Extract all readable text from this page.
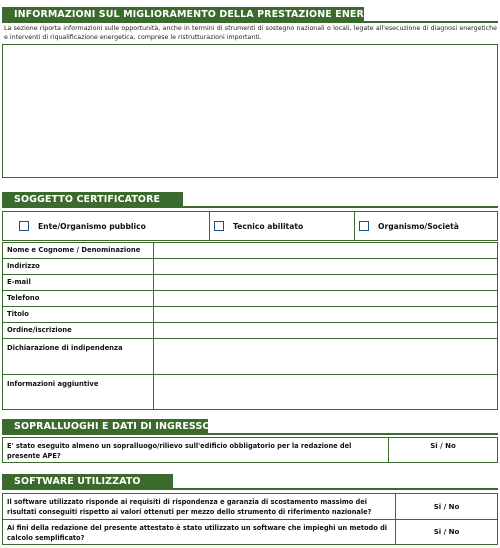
INFORMAZIONI SUL MIGLIORAMENTO DELLA PRESTAZIONE ENERGETICA
La sezione riporta informazioni sulle opportunità, anche in termini di strumenti di sostegno nazionali o locali, legate all'esecuzione di diagnosi energetiche e interventi di riqualificazione energetica, comprese le ristrutturazioni importanti.
SOGGETTO CERTIFICATORE
Ente/Organismo pubblico	Tecnico abilitato	Organismo/Società
Nome e Cognome / Denominazione
Indirizzo
E-mail
Telefono
Titolo
Ordine/iscrizione
Dichiarazione di indipendenza
Informazioni aggiuntive
SOPRALLUOGHI E DATI DI INGRESSO
E' stato eseguito almeno un sopralluogo/rilievo sull'edificio obbligatorio per la redazione del presente APE?
Si / No
SOFTWARE UTILIZZATO
Il software utilizzato risponde ai requisiti di rispondenza e garanzia di scostamento massimo dei risultati conseguiti rispetto ai valori ottenuti per mezzo dello strumento di riferimento nazionale?
Si / No
Ai fini della redazione del presente attestato è stato utilizzato un software che impieghi un metodo di calcolo semplificato?
Si / No
